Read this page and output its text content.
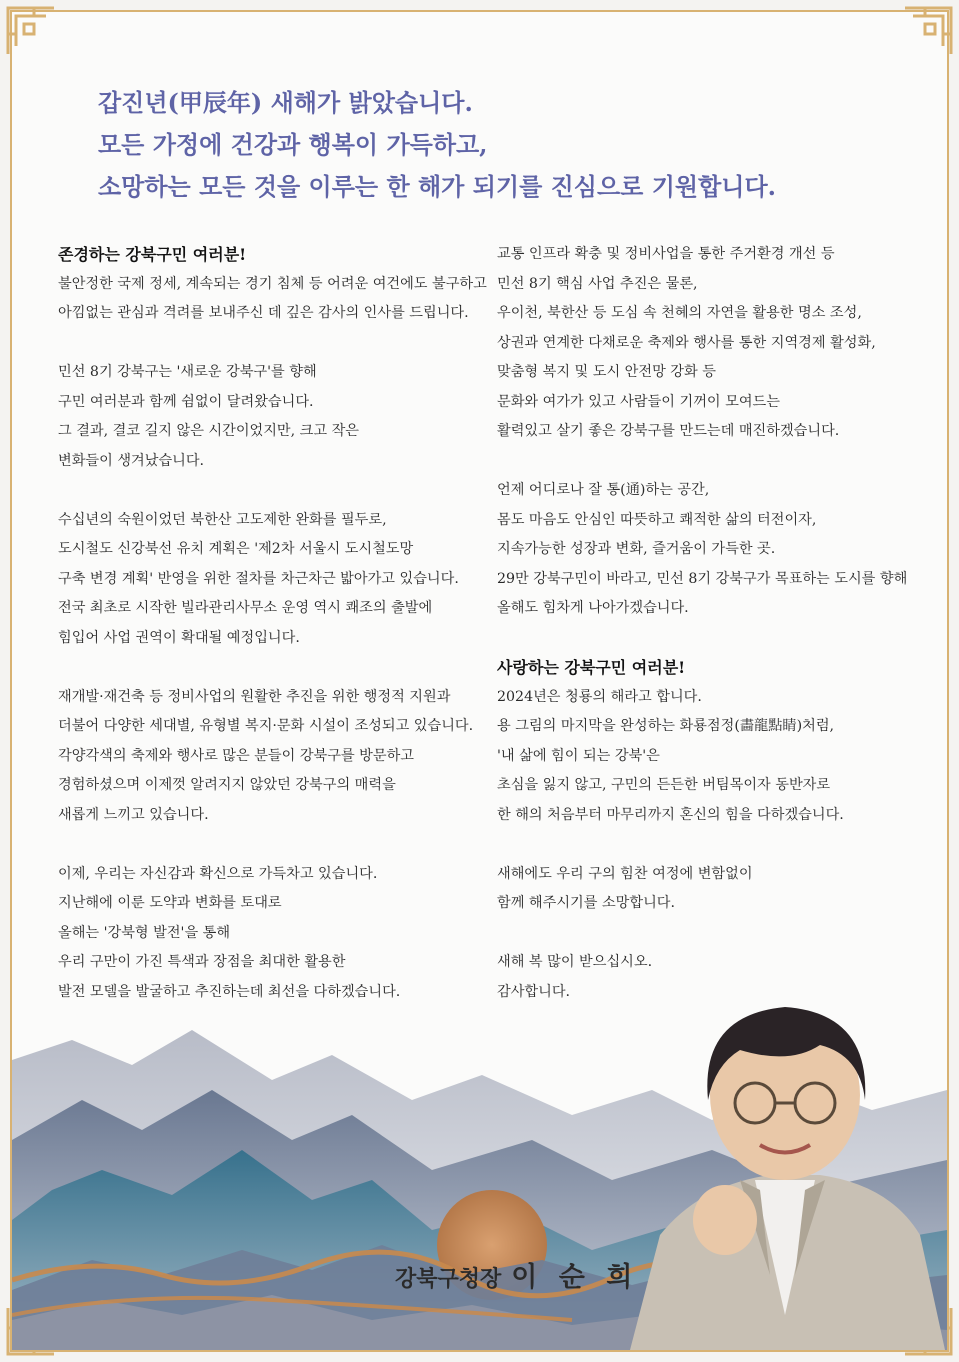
갑진년(甲辰年) 새해가 밝았습니다.
모든 가정에 건강과 행복이 가득하고,
소망하는 모든 것을 이루는 한 해가 되기를 진심으로 기원합니다.

존경하는 강북구민 여러분!
불안정한 국제 정세, 계속되는 경기 침체 등 어려운 여건에도 불구하고
아낌없는 관심과 격려를 보내주신 데 깊은 감사의 인사를 드립니다.

민선 8기 강북구는 '새로운 강북구'를 향해
구민 여러분과 함께 쉼없이 달려왔습니다.
그 결과, 결코 길지 않은 시간이었지만, 크고 작은
변화들이 생겨났습니다.

수십년의 숙원이었던 북한산 고도제한 완화를 필두로,
도시철도 신강북선 유치 계획은 '제2차 서울시 도시철도망
구축 변경 계획' 반영을 위한 절차를 차근차근 밟아가고 있습니다.
전국 최초로 시작한 빌라관리사무소 운영 역시 쾌조의 출발에
힘입어 사업 권역이 확대될 예정입니다.

재개발·재건축 등 정비사업의 원활한 추진을 위한 행정적 지원과
더불어 다양한 세대별, 유형별 복지·문화 시설이 조성되고 있습니다.
각양각색의 축제와 행사로 많은 분들이 강북구를 방문하고
경험하셨으며 이제껏 알려지지 않았던 강북구의 매력을
새롭게 느끼고 있습니다.

이제, 우리는 자신감과 확신으로 가득차고 있습니다.
지난해에 이룬 도약과 변화를 토대로
올해는 '강북형 발전'을 통해
우리 구만이 가진 특색과 장점을 최대한 활용한
발전 모델을 발굴하고 추진하는데 최선을 다하겠습니다.

교통 인프라 확충 및 정비사업을 통한 주거환경 개선 등
민선 8기 핵심 사업 추진은 물론,
우이천, 북한산 등 도심 속 천혜의 자연을 활용한 명소 조성,
상권과 연계한 다채로운 축제와 행사를 통한 지역경제 활성화,
맞춤형 복지 및 도시 안전망 강화 등
문화와 여가가 있고 사람들이 기꺼이 모여드는
활력있고 살기 좋은 강북구를 만드는데 매진하겠습니다.

언제 어디로나 잘 통(通)하는 공간,
몸도 마음도 안심인 따뜻하고 쾌적한 삶의 터전이자,
지속가능한 성장과 변화, 즐거움이 가득한 곳.
29만 강북구민이 바라고, 민선 8기 강북구가 목표하는 도시를 향해
올해도 힘차게 나아가겠습니다.

사랑하는 강북구민 여러분!
2024년은 청룡의 해라고 합니다.
용 그림의 마지막을 완성하는 화룡점정(畵龍點睛)처럼,
'내 삶에 힘이 되는 강북'은
초심을 잃지 않고, 구민의 든든한 버팀목이자 동반자로
한 해의 처음부터 마무리까지 혼신의 힘을 다하겠습니다.

새해에도 우리 구의 힘찬 여정에 변함없이
함께 해주시기를 소망합니다.

새해 복 많이 받으십시오.
감사합니다.

강북구청장 이 순 희
